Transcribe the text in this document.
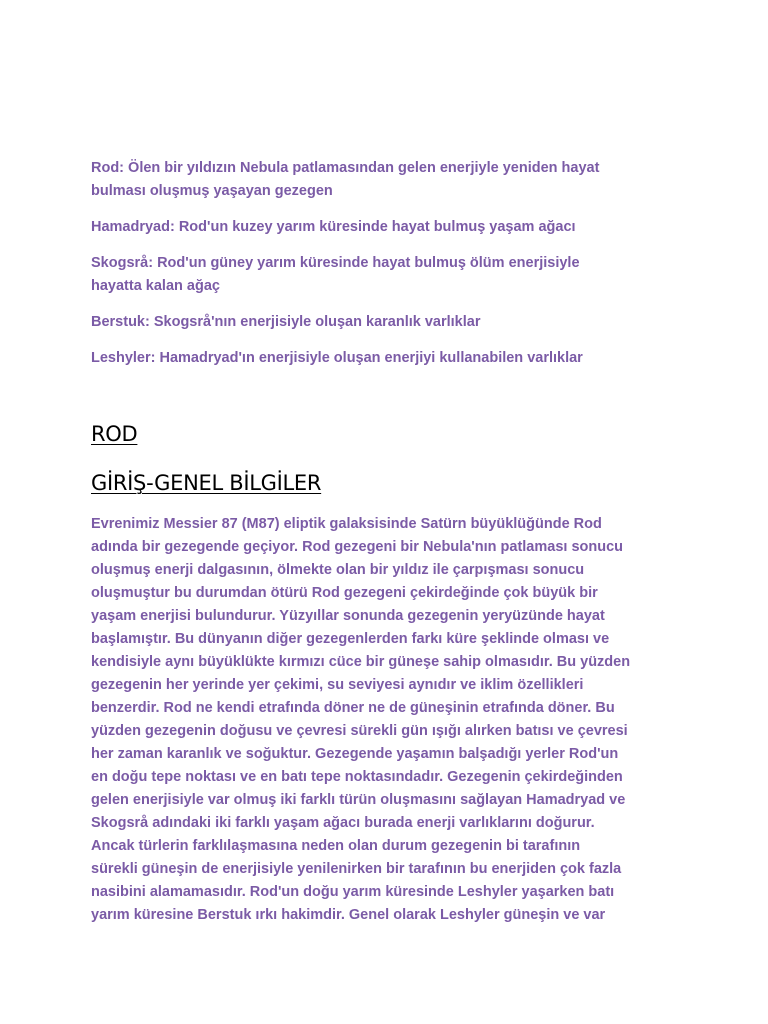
Rod: Ölen bir yıldızın Nebula patlamasından gelen enerjiyle yeniden hayat
bulması oluşmuş yaşayan gezegen

Hamadryad: Rod'un kuzey yarım küresinde hayat bulmuş yaşam ağacı

Skogsrå: Rod'un güney yarım küresinde hayat bulmuş ölüm enerjisiyle
hayatta kalan ağaç

Berstuk: Skogsrå'nın enerjisiyle oluşan karanlık varlıklar

Leshyler: Hamadryad'ın enerjisiyle oluşan enerjiyi kullanabilen varlıklar

ROD
GİRİŞ-GENEL BİLGİLER
Evrenimiz Messier 87 (M87) eliptik galaksisinde Satürn büyüklüğünde Rod
adında bir gezegende geçiyor. Rod gezegeni bir Nebula'nın patlaması sonucu
oluşmuş enerji dalgasının, ölmekte olan bir yıldız ile çarpışması sonucu
oluşmuştur bu durumdan ötürü Rod gezegeni çekirdeğinde çok büyük bir
yaşam enerjisi bulundurur. Yüzyıllar sonunda gezegenin yeryüzünde hayat
başlamıştır. Bu dünyanın diğer gezegenlerden farkı küre şeklinde olması ve
kendisiyle aynı büyüklükte kırmızı cüce bir güneşe sahip olmasıdır. Bu yüzden
gezegenin her yerinde yer çekimi, su seviyesi aynıdır ve iklim özellikleri
benzerdir. Rod ne kendi etrafında döner ne de güneşinin etrafında döner. Bu
yüzden gezegenin doğusu ve çevresi sürekli gün ışığı alırken batısı ve çevresi
her zaman karanlık ve soğuktur. Gezegende yaşamın balşadığı yerler Rod'un
en doğu tepe noktası ve en batı tepe noktasındadır. Gezegenin çekirdeğinden
gelen enerjisiyle var olmuş iki farklı türün oluşmasını sağlayan Hamadryad ve
Skogsrå adındaki iki farklı yaşam ağacı burada enerji varlıklarını doğurur.
Ancak türlerin farklılaşmasına neden olan durum gezegenin bi tarafının
sürekli güneşin de enerjisiyle yenilenirken bir tarafının bu enerjiden çok fazla
nasibini alamamasıdır. Rod'un doğu yarım küresinde Leshyler yaşarken batı
yarım küresine Berstuk ırkı hakimdir. Genel olarak Leshyler güneşin ve var
